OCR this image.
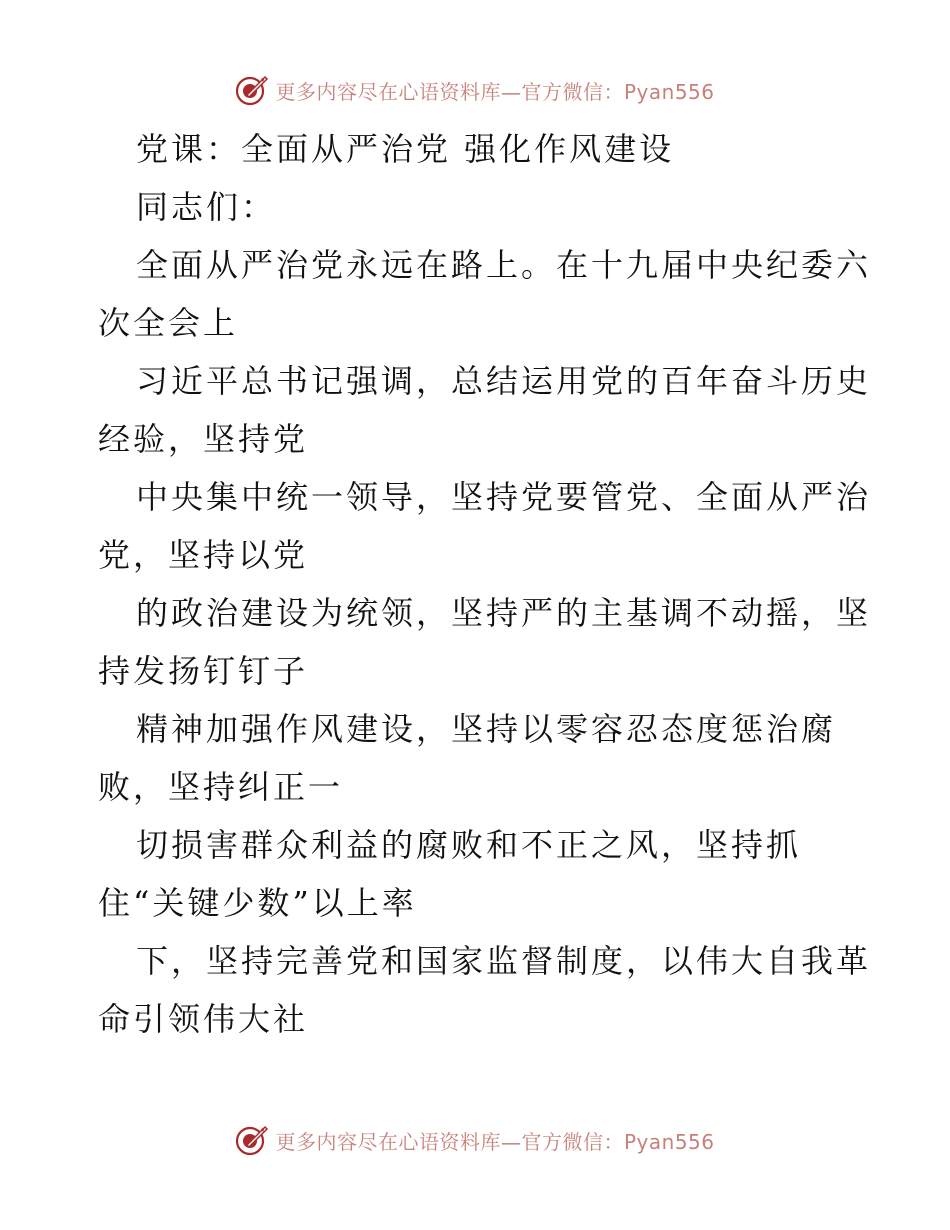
更多内容尽在心语资料库—官方微信：Pyan556
党课：全面从严治党 强化作风建设
同志们：
全面从严治党永远在路上。在十九届中央纪委六
次全会上
习近平总书记强调，总结运用党的百年奋斗历史
经验，坚持党
中央集中统一领导，坚持党要管党、全面从严治
党，坚持以党
的政治建设为统领，坚持严的主基调不动摇，坚
持发扬钉钉子
精神加强作风建设，坚持以零容忍态度惩治腐
败，坚持纠正一
切损害群众利益的腐败和不正之风，坚持抓
住“关键少数”以上率
下，坚持完善党和国家监督制度，以伟大自我革
命引领伟大社
更多内容尽在心语资料库—官方微信：Pyan556
